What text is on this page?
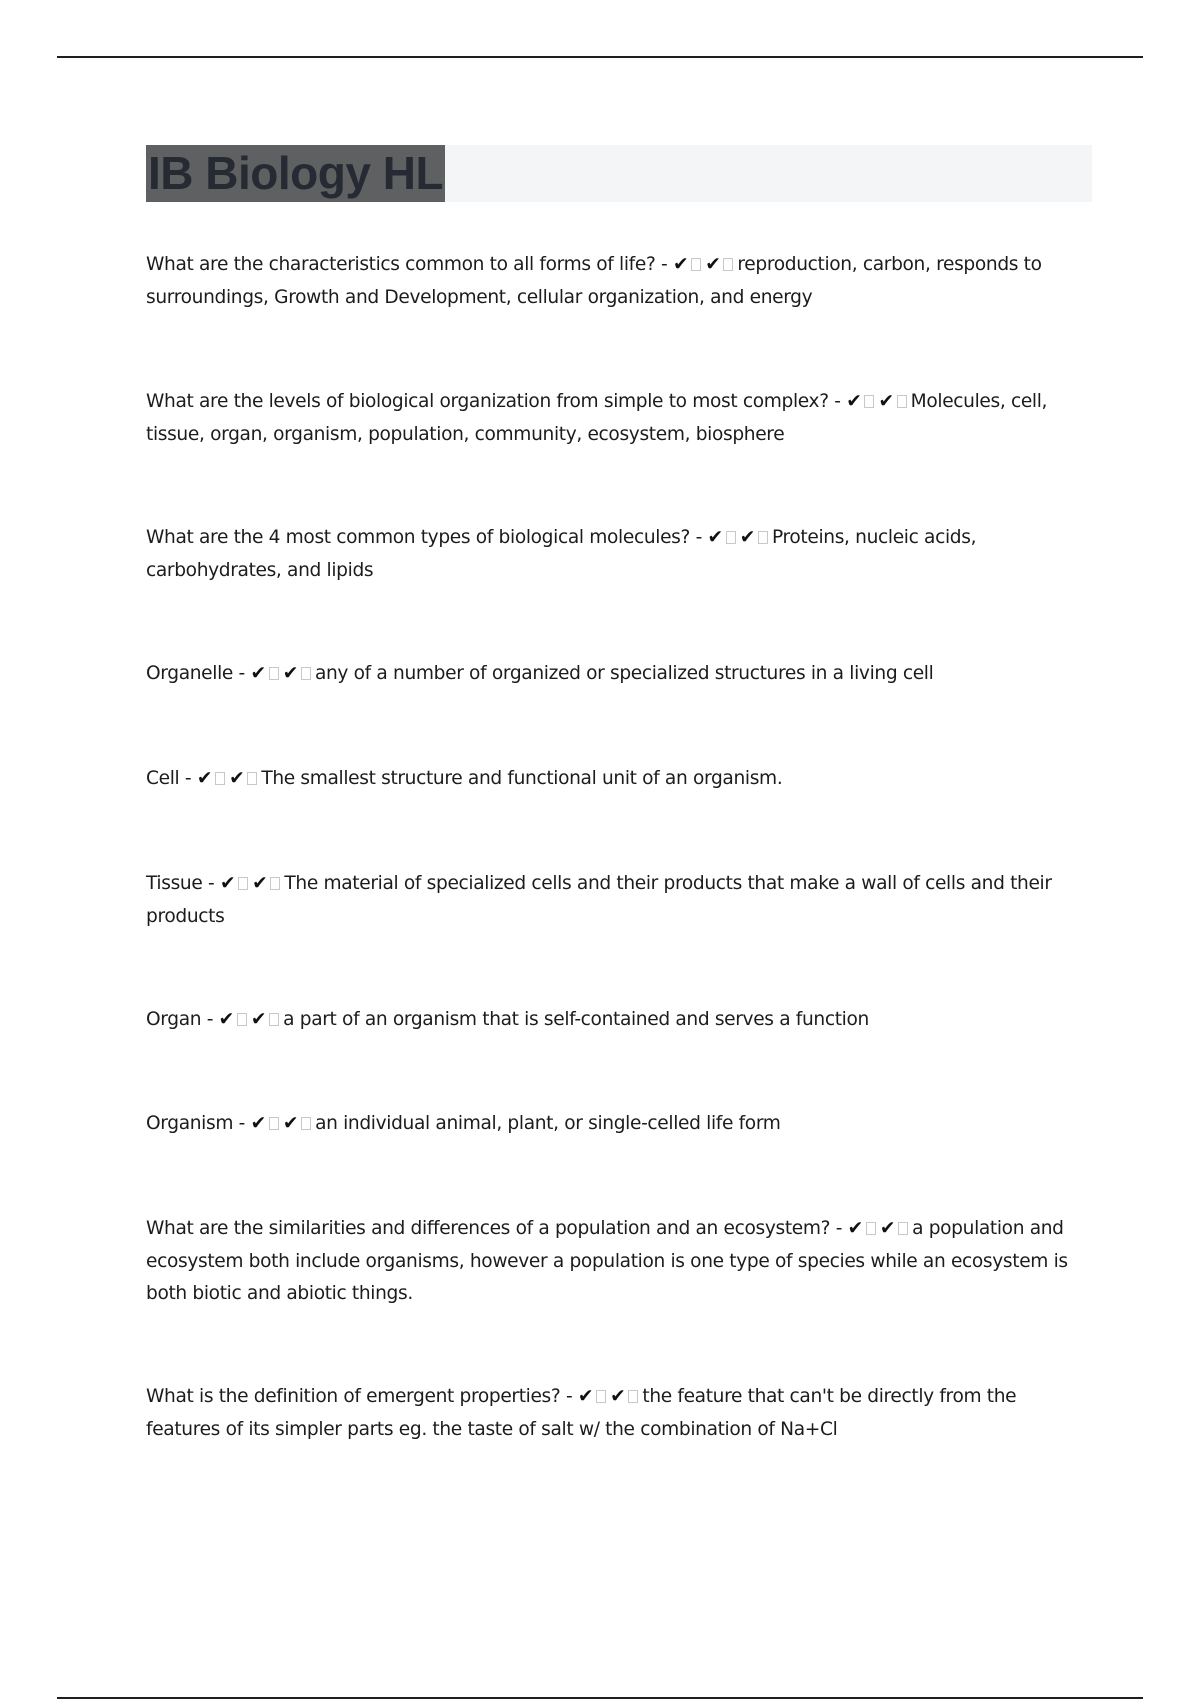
IB Biology HL
What are the characteristics common to all forms of life? - ✔ ✔ reproduction, carbon, responds to surroundings, Growth and Development, cellular organization, and energy
What are the levels of biological organization from simple to most complex? - ✔ ✔ Molecules, cell, tissue, organ, organism, population, community, ecosystem, biosphere
What are the 4 most common types of biological molecules? - ✔ ✔ Proteins, nucleic acids, carbohydrates, and lipids
Organelle - ✔ ✔ any of a number of organized or specialized structures in a living cell
Cell - ✔ ✔ The smallest structure and functional unit of an organism.
Tissue - ✔ ✔ The material of specialized cells and their products that make a wall of cells and their products
Organ - ✔ ✔ a part of an organism that is self-contained and serves a function
Organism - ✔ ✔ an individual animal, plant, or single-celled life form
What are the similarities and differences of a population and an ecosystem? - ✔ ✔ a population and ecosystem both include organisms, however a population is one type of species while an ecosystem is both biotic and abiotic things.
What is the definition of emergent properties? - ✔ ✔ the feature that can't be directly from the features of its simpler parts eg. the taste of salt w/ the combination of Na+Cl
